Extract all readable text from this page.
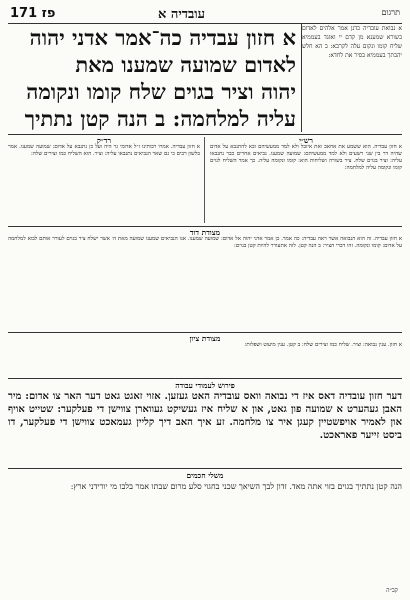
171 פז	עובדיה א	תרגום

א חזון עבדיה כה־אמר אדני יהוה

לאדום שמועה שמענו מאת

יהוה וציר בגוים שלח קומו ונקומה

עליה למלחמה: ב הנה קטן נתתיך

א נבואת עובדיה כדנן אמר אלהים לאדום בשורא שמענא מן קדם יי ואזגד בעממיא שליח קומו ונקום עלה לקרבא: ב הא חלש יהבתך בעממיא בסיר את לחדא:
רש״י

א חזון עבדיה. הוא ששמע את אחאב ואת איזבל ולא למד ממעשיהם ובא להתנבא על אדום שהיה דר בין שני רשעים ולא למד ממעשיהם: שמועה שמענו. נביאים אחרים כבר נתנבאו עליה: וציר בגוים שלח. ציר בשורה ושליחות הוא: קומו ונקומה עליה. כך אמר השליח לגוים קומו ונקומה עליה למלחמה:

רד״ק

א חזון עבדיה. אמרו רבותינו ז״ל אדומי גר היה ועל כן נתנבא על אדום: שמועה שמענו. אמר בלשון רבים כי גם שאר הנביאים נתנבאו עליה: וציר. הוא השליח כמו וצירים שלח:

מצודת דוד

א חזון עבדיה. זה הוא הנבואה אשר ראה עבדיה: כה אמר. כן אמר אדני יהוה אל אדום: שמועה שמענו. אנו הנביאים שמענו שמועה מאת ה׳ אשר ישלח ציר בגוים לעורר אותם לבוא למלחמה על אדום: קומו ונקומה. זהו דברי הציר: ב הנה קטן. לזה אתעורר להיות קטן בגוים:

מצודת ציון

א חזון. ענין נבואה: וציר. שליח כמו וצירים שלח: ב קטן. ענין מיעוט ושפלות:

פירוש לעמודי עבודה
דער חזון עובדיה דאס איז די נבואה וואס עובדיה האט געזען. אזוי זאגט גאט דער האר צו אדום: מיר האבן געהערט א שמועה פון גאט, און א שליח איז געשיקט געווארן צווישן די פעלקער: שטייט אויף און לאמיר אויפשטיין קעגן איר צו מלחמה. זע איך האב דיך קליין געמאכט צווישן די פעלקער, דו ביסט זייער פאראכט.
משלי חכמים

הנה קטן נתתיך בגוים בזוי אתה מאד. זדון לבך השיאך שכני בחגוי סלע מרום שבתו אמר בלבו מי יורידני ארץ:

קב״ה
